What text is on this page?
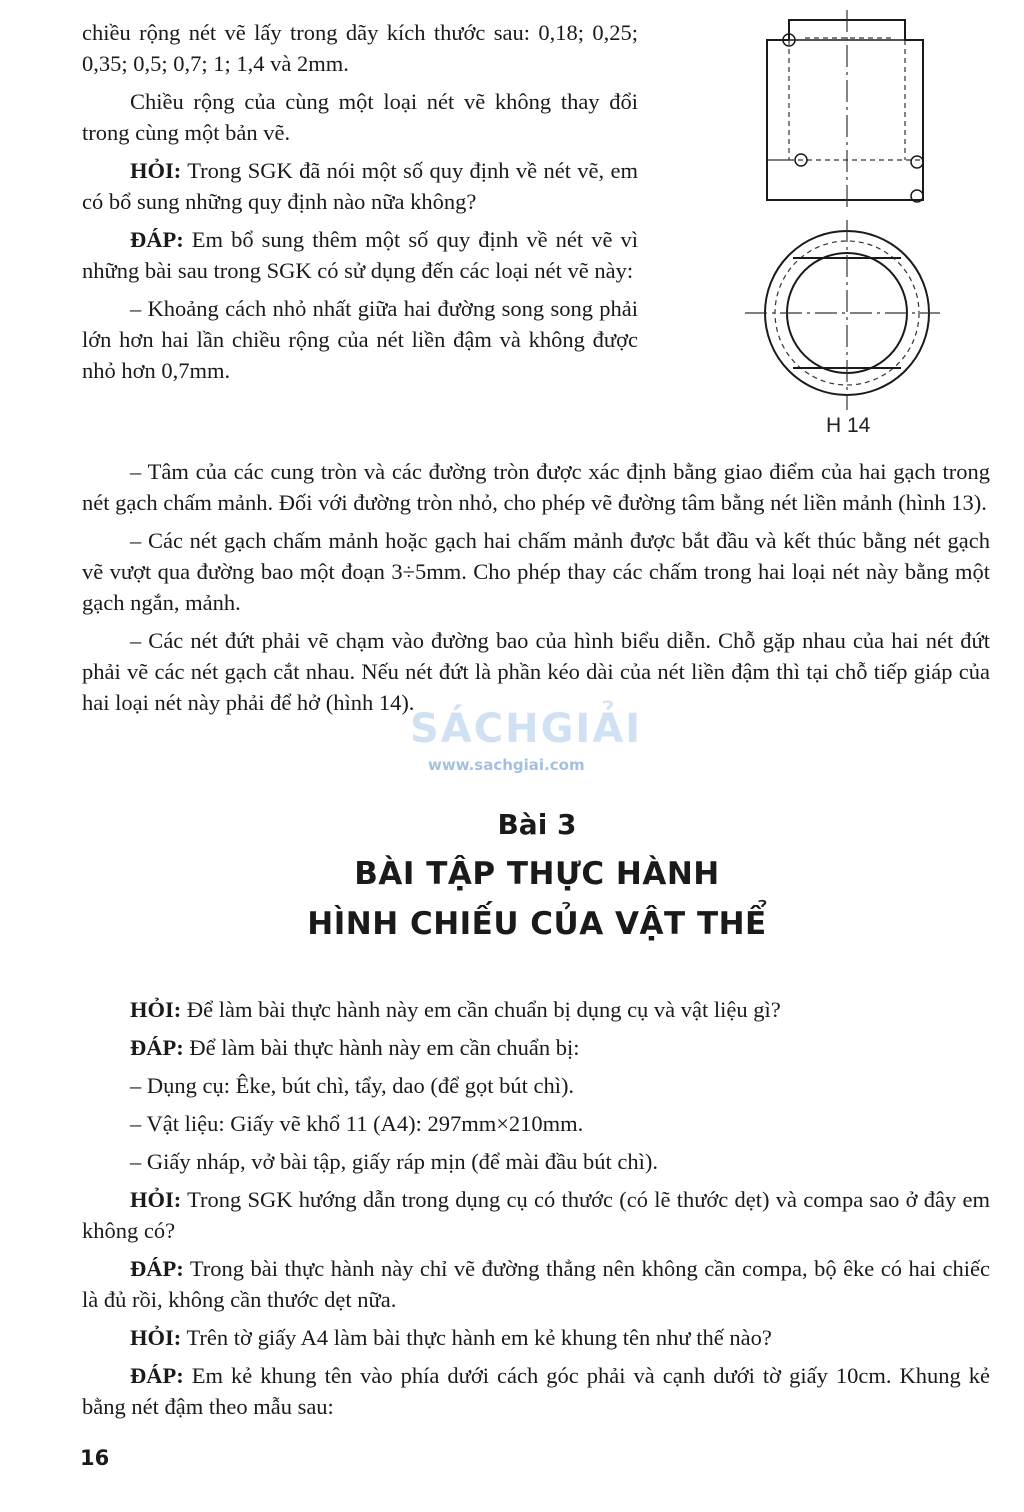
chiều rộng nét vẽ lấy trong dãy kích thước sau: 0,18; 0,25; 0,35; 0,5; 0,7; 1; 1,4 và 2mm.

Chiều rộng của cùng một loại nét vẽ không thay đổi trong cùng một bản vẽ.

HỎI: Trong SGK đã nói một số quy định về nét vẽ, em có bổ sung những quy định nào nữa không?

ĐÁP: Em bổ sung thêm một số quy định về nét vẽ vì những bài sau trong SGK có sử dụng đến các loại nét vẽ này:

– Khoảng cách nhỏ nhất giữa hai đường song song phải lớn hơn hai lần chiều rộng của nét liền đậm và không được nhỏ hơn 0,7mm.

H 14

– Tâm của các cung tròn và các đường tròn được xác định bằng giao điểm của hai gạch trong nét gạch chấm mảnh. Đối với đường tròn nhỏ, cho phép vẽ đường tâm bằng nét liền mảnh (hình 13).

– Các nét gạch chấm mảnh hoặc gạch hai chấm mảnh được bắt đầu và kết thúc bằng nét gạch vẽ vượt qua đường bao một đoạn 3÷5mm. Cho phép thay các chấm trong hai loại nét này bằng một gạch ngắn, mảnh.

– Các nét đứt phải vẽ chạm vào đường bao của hình biểu diễn. Chỗ gặp nhau của hai nét đứt phải vẽ các nét gạch cắt nhau. Nếu nét đứt là phần kéo dài của nét liền đậm thì tại chỗ tiếp giáp của hai loại nét này phải để hở (hình 14).

SÁCHGIẢI
www.sachgiai.com
Bài 3
BÀI TẬP THỰC HÀNH
HÌNH CHIẾU CỦA VẬT THỂ

HỎI: Để làm bài thực hành này em cần chuẩn bị dụng cụ và vật liệu gì?

ĐÁP: Để làm bài thực hành này em cần chuẩn bị:

– Dụng cụ: Êke, bút chì, tẩy, dao (để gọt bút chì).

– Vật liệu: Giấy vẽ khổ 11 (A4): 297mm×210mm.

– Giấy nháp, vở bài tập, giấy ráp mịn (để mài đầu bút chì).

HỎI: Trong SGK hướng dẫn trong dụng cụ có thước (có lẽ thước dẹt) và compa sao ở đây em không có?

ĐÁP: Trong bài thực hành này chỉ vẽ đường thẳng nên không cần compa, bộ êke có hai chiếc là đủ rồi, không cần thước dẹt nữa.

HỎI: Trên tờ giấy A4 làm bài thực hành em kẻ khung tên như thế nào?

ĐÁP: Em kẻ khung tên vào phía dưới cách góc phải và cạnh dưới tờ giấy 10cm. Khung kẻ bằng nét đậm theo mẫu sau:

16
